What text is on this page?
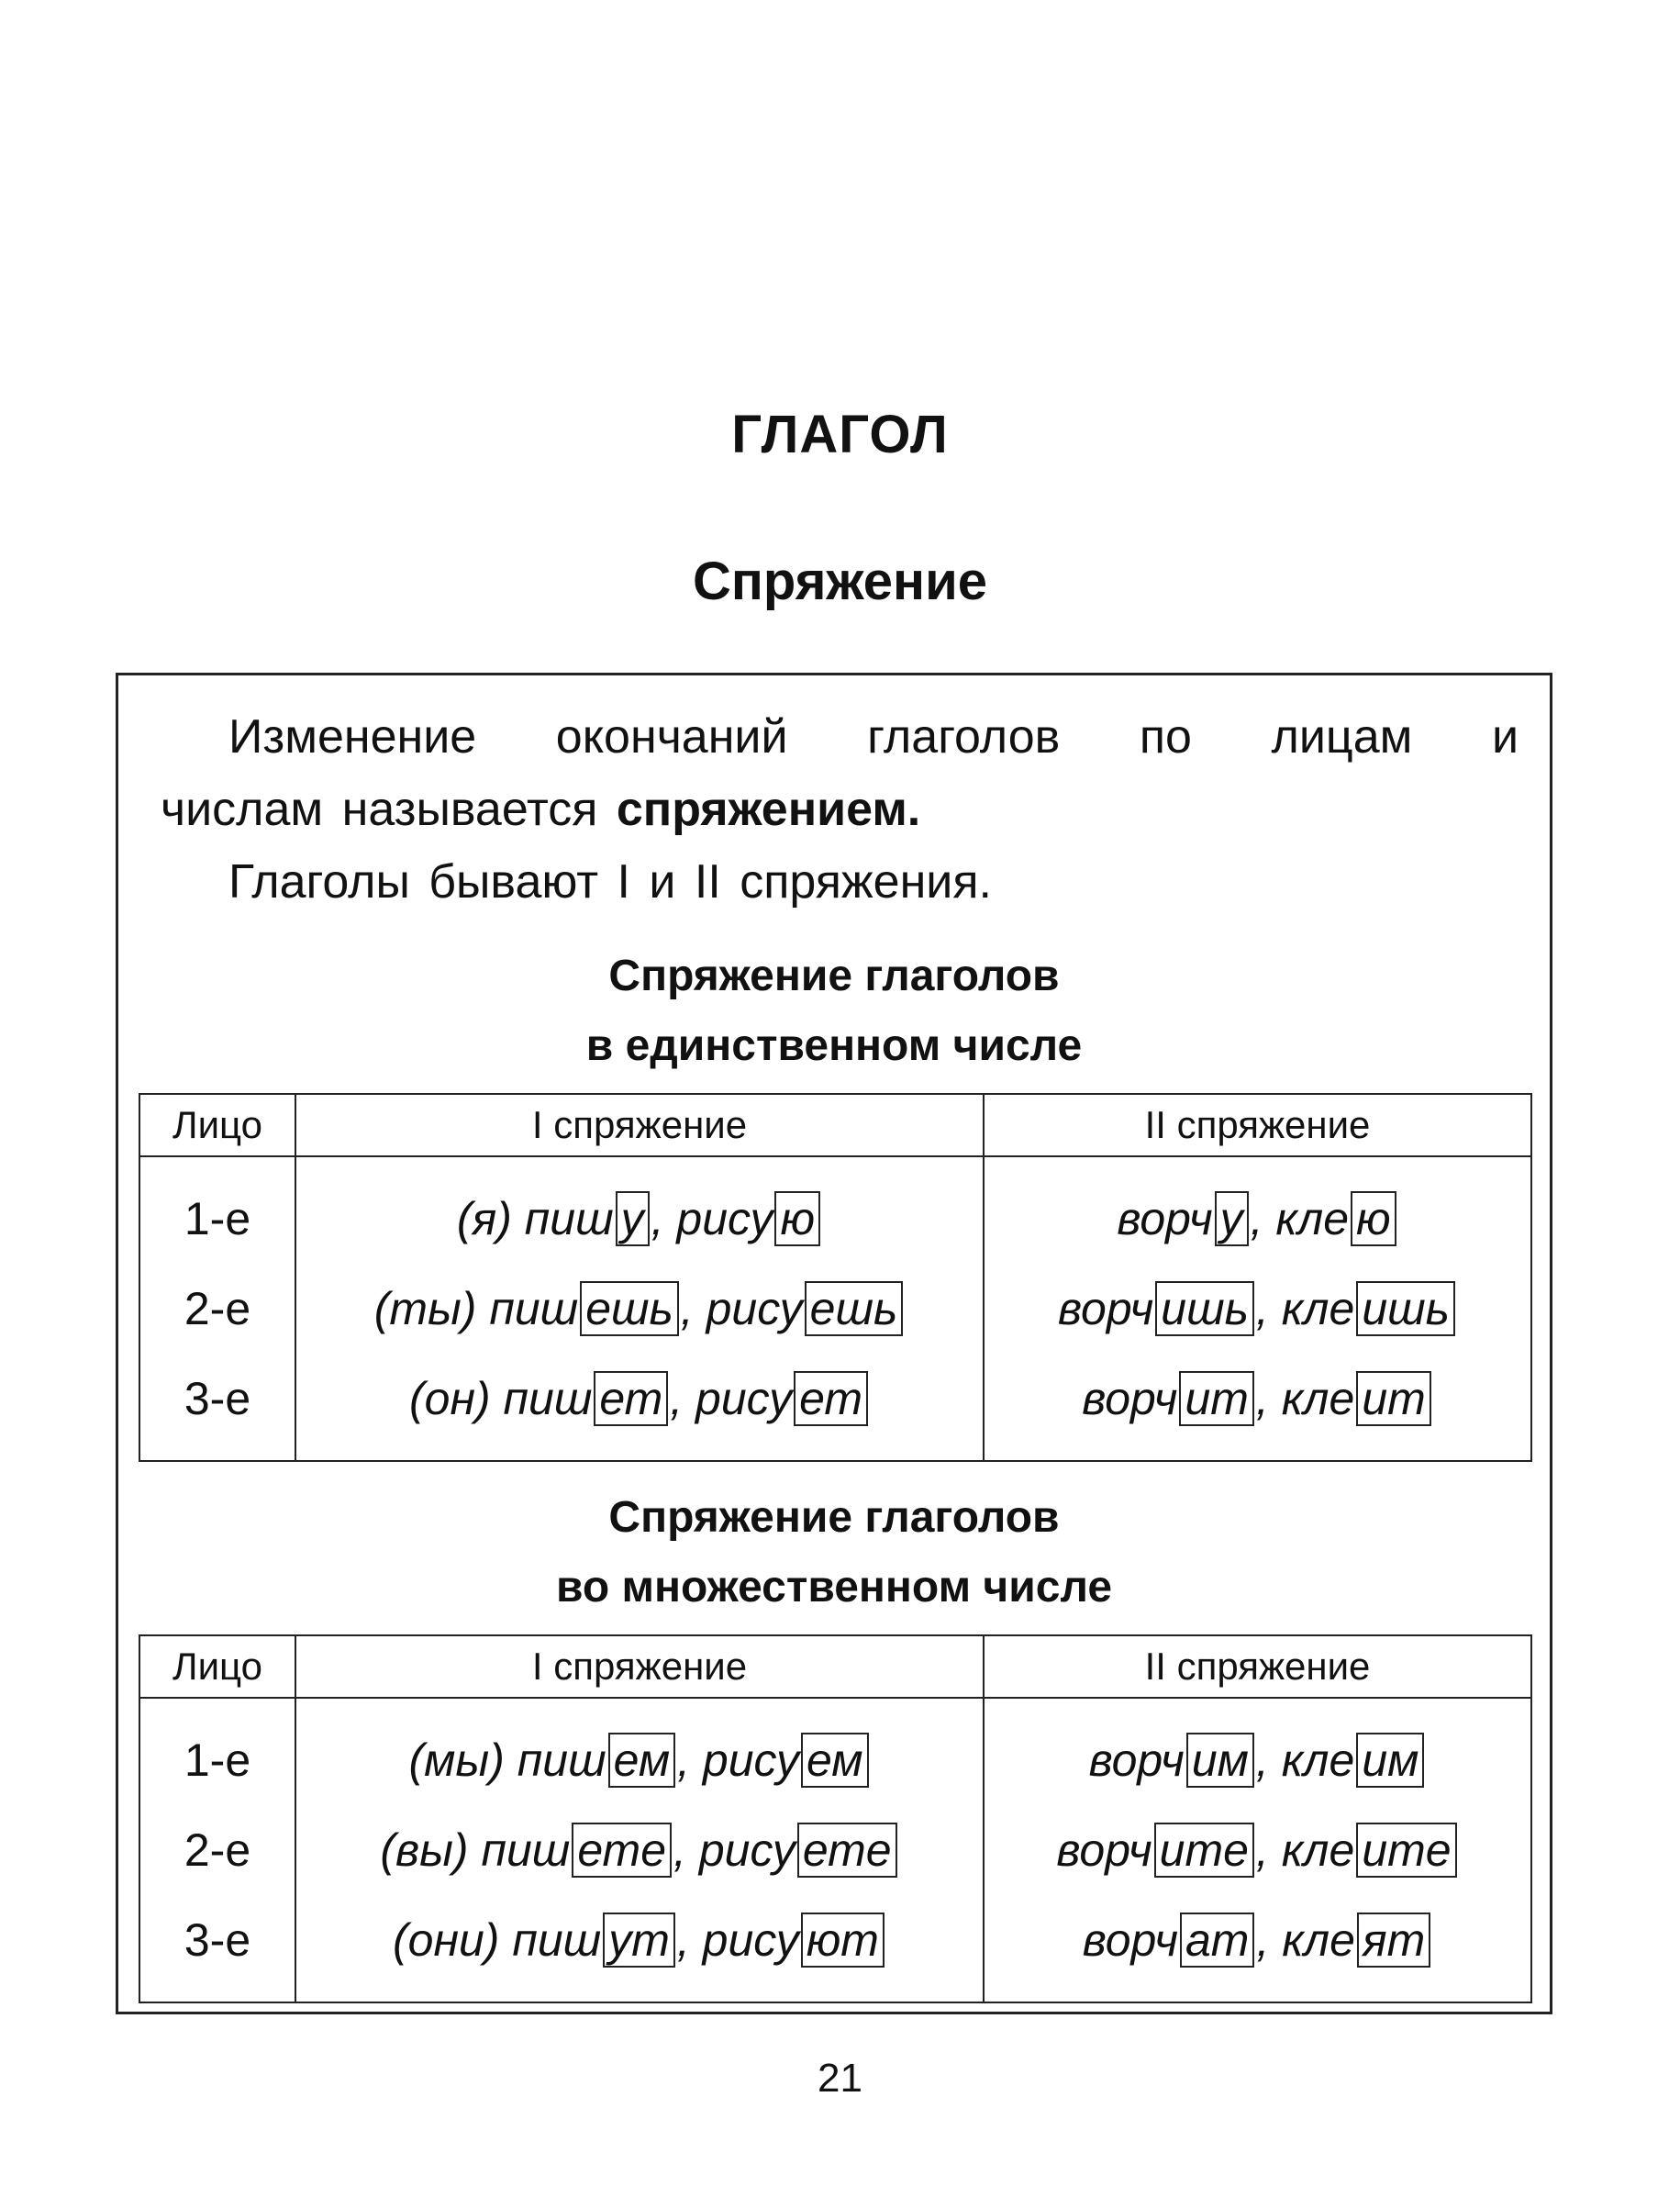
ГЛАГОЛ
Спряжение

Изменение окончаний глаголов по лицам и

числам называется спряжением.

Глаголы бывают I и II спряжения.

Спряжение глаголов
в единственном числе
Лицо	I спряжение	II спряжение
1-е	(я) пиш у , рису ю	ворч у , кле ю
2-е	(ты) пиш ешь , рису ешь	ворч ишь , кле ишь
3-е	(он) пиш ет , рису ет	ворч ит , кле ит
Спряжение глаголов
во множественном числе
Лицо	I спряжение	II спряжение
1-е	(мы) пиш ем , рису ем	ворч им , кле им
2-е	(вы) пиш ете , рису ете	ворч ите , кле ите
3-е	(они) пиш ут , рису ют	ворч ат , кле ят
21
